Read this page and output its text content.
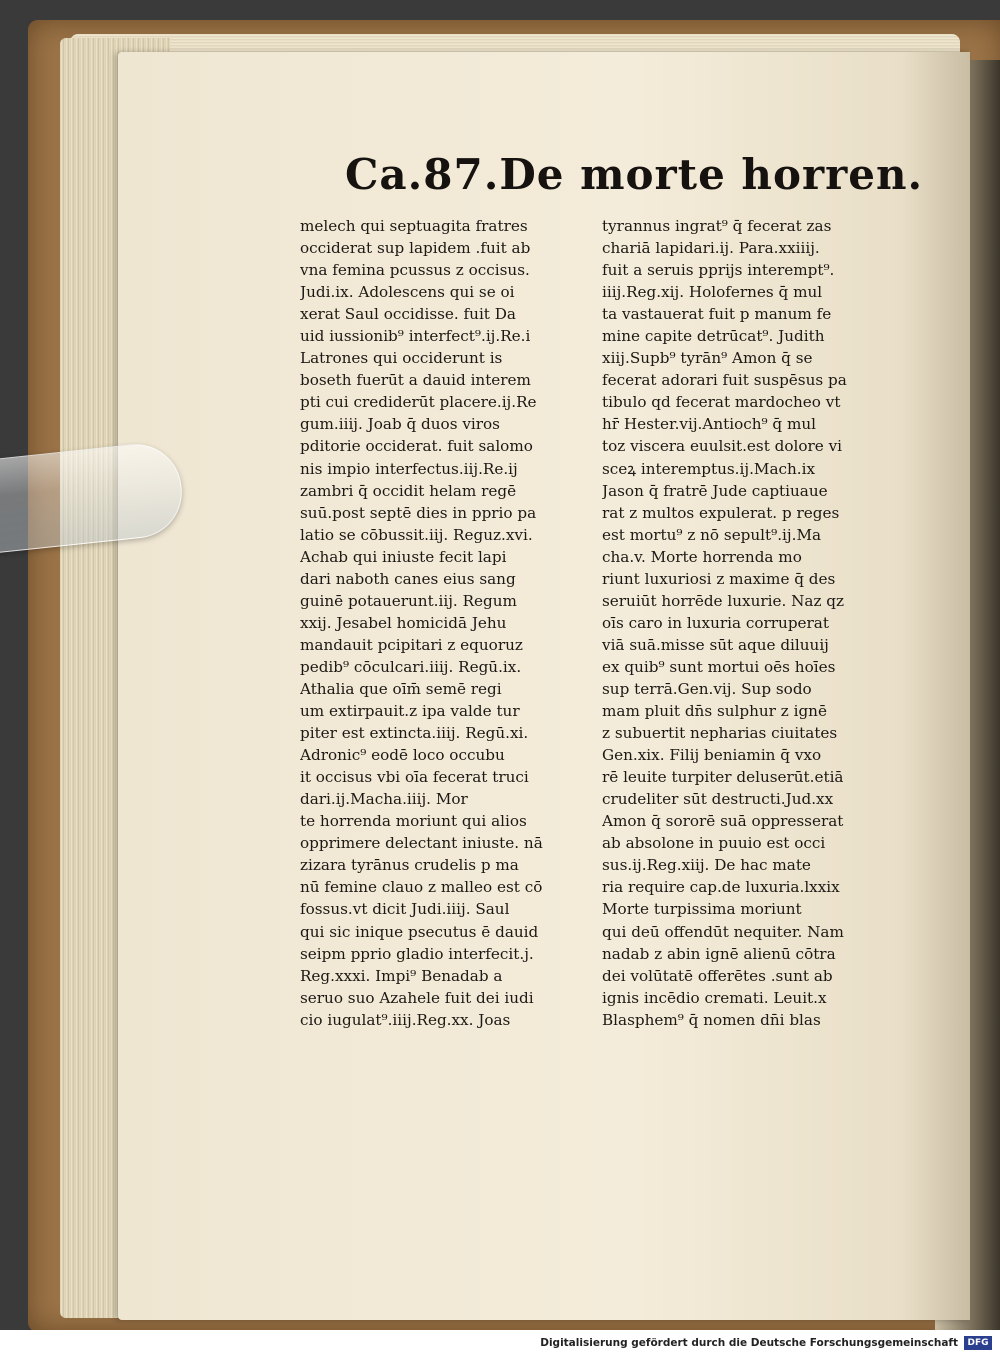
Ca.87.De morte horren.
melech qui septuagita fratres
occiderat sup lapidem .fuit ab
vna femina pcussus z occisus.
Judi.ix. Adolescens qui se oi
xerat Saul occidisse. fuit Da
uid iussionib⁹ interfect⁹.ij.Re.i
Latrones qui occiderunt is
boseth fuerūt a dauid interem
pti cui crediderūt placere.ij.Re
gum.iiij. Joab q̄ duos viros
pditorie occiderat. fuit salomo
nis impio interfectus.iij.Re.ij
zambri q̄ occidit helam regē
suū.post septē dies in pprio pa
latio se cōbussit.iij. Reguz.xvi.
Achab qui iniuste fecit lapi
dari naboth canes eius sang
guinē potauerunt.iij. Regum
xxij. Jesabel homicidā Jehu
mandauit pcipitari z equoruz
pedib⁹ cōculcari.iiij. Regū.ix.
Athalia que oīm̄ semē regi
um extirpauit.z ipa valde tur
piter est extincta.iiij. Regū.xi.
Adronic⁹ eodē loco occubu
it occisus vbi oīa fecerat truci
dari.ij.Macha.iiij. Mor
te horrenda moriunt qui alios
opprimere delectant iniuste. nā
zizara tyrānus crudelis p ma
nū femine clauo z malleo est cō
fossus.vt dicit Judi.iiij. Saul
qui sic inique psecutus ē dauid
seipm pprio gladio interfecit.j.
Reg.xxxi. Impi⁹ Benadab a
seruo suo Azahele fuit dei iudi
cio iugulat⁹.iiij.Reg.xx. Joas
tyrannus ingrat⁹ q̄ fecerat zas
chariā lapidari.ij. Para.xxiiij.
fuit a seruis pprijs interempt⁹.
iiij.Reg.xij. Holofernes q̄ mul
ta vastauerat fuit p manum fe
mine capite detrūcat⁹. Judith
xiij.Supb⁹ tyrān⁹ Amon q̄ se
fecerat adorari fuit suspēsus pa
tibulo qd fecerat mardocheo vt
hr̄ Hester.vij.Antioch⁹ q̄ mul
toz viscera euulsit.est dolore vi
sceꝝ interemptus.ij.Mach.ix
Jason q̄ fratrē Jude captiuaue
rat z multos expulerat. p reges
est mortu⁹ z nō sepult⁹.ij.Ma
cha.v. Morte horrenda mo
riunt luxuriosi z maxime q̄ des
seruiūt horrēde luxurie. Naz qz
oīs caro in luxuria corruperat
viā suā.misse sūt aque diluuij
ex quib⁹ sunt mortui oēs hoīes
sup terrā.Gen.vij. Sup sodo
mam pluit dn̄s sulphur z ignē
z subuertit nepharias ciuitates
Gen.xix. Filij beniamin q̄ vxo
rē leuite turpiter deluserūt.etiā
crudeliter sūt destructi.Jud.xx
Amon q̄ sororē suā oppresserat
ab absolone in puuio est occi
sus.ij.Reg.xiij. De hac mate
ria require cap.de luxuria.lxxix
Morte turpissima moriunt
qui deū offendūt nequiter. Nam
nadab z abin ignē alienū cōtra
dei volūtatē offerētes .sunt ab
ignis incēdio cremati. Leuit.x
Blasphem⁹ q̄ nomen dn̄i blas
Digitalisierung gefördert durch die Deutsche Forschungsgemeinschaft	DFG
